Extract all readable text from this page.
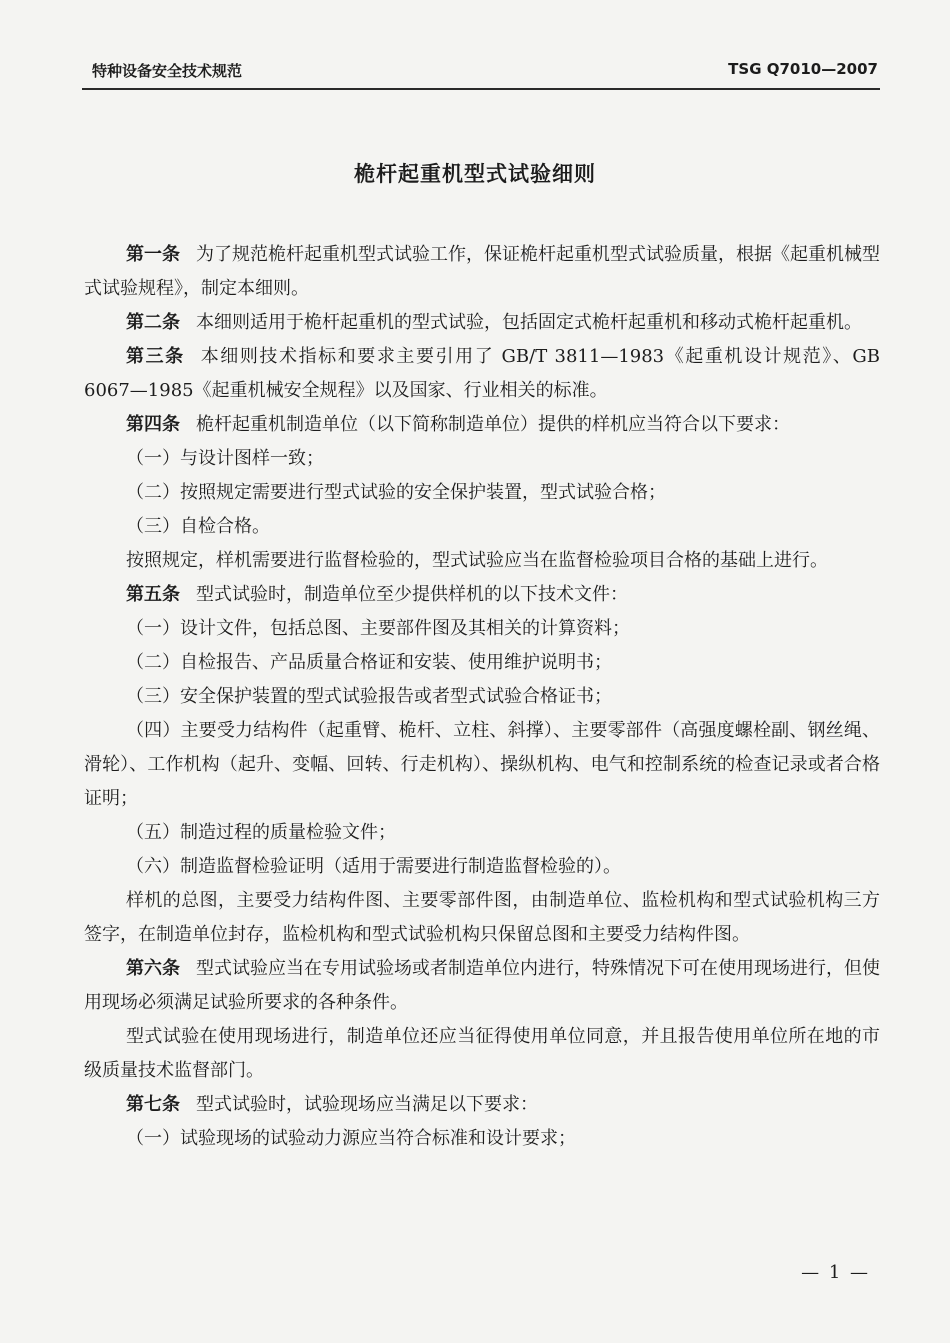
特种设备安全技术规范	TSG Q7010—2007
桅杆起重机型式试验细则

第一条 为了规范桅杆起重机型式试验工作，保证桅杆起重机型式试验质量，根据《起重机械型式试验规程》，制定本细则。

第二条 本细则适用于桅杆起重机的型式试验，包括固定式桅杆起重机和移动式桅杆起重机。

第三条 本细则技术指标和要求主要引用了 GB/T 3811—1983《起重机设计规范》、GB 6067—1985《起重机械安全规程》以及国家、行业相关的标准。

第四条 桅杆起重机制造单位（以下简称制造单位）提供的样机应当符合以下要求：

（一）与设计图样一致；

（二）按照规定需要进行型式试验的安全保护装置，型式试验合格；

（三）自检合格。

按照规定，样机需要进行监督检验的，型式试验应当在监督检验项目合格的基础上进行。

第五条 型式试验时，制造单位至少提供样机的以下技术文件：

（一）设计文件，包括总图、主要部件图及其相关的计算资料；

（二）自检报告、产品质量合格证和安装、使用维护说明书；

（三）安全保护装置的型式试验报告或者型式试验合格证书；

（四）主要受力结构件（起重臂、桅杆、立柱、斜撑）、主要零部件（高强度螺栓副、钢丝绳、滑轮）、工作机构（起升、变幅、回转、行走机构）、操纵机构、电气和控制系统的检查记录或者合格证明；

（五）制造过程的质量检验文件；

（六）制造监督检验证明（适用于需要进行制造监督检验的）。

样机的总图，主要受力结构件图、主要零部件图，由制造单位、监检机构和型式试验机构三方签字，在制造单位封存，监检机构和型式试验机构只保留总图和主要受力结构件图。

第六条 型式试验应当在专用试验场或者制造单位内进行，特殊情况下可在使用现场进行，但使用现场必须满足试验所要求的各种条件。

型式试验在使用现场进行，制造单位还应当征得使用单位同意，并且报告使用单位所在地的市级质量技术监督部门。

第七条 型式试验时，试验现场应当满足以下要求：

（一）试验现场的试验动力源应当符合标准和设计要求；

— 1 —
